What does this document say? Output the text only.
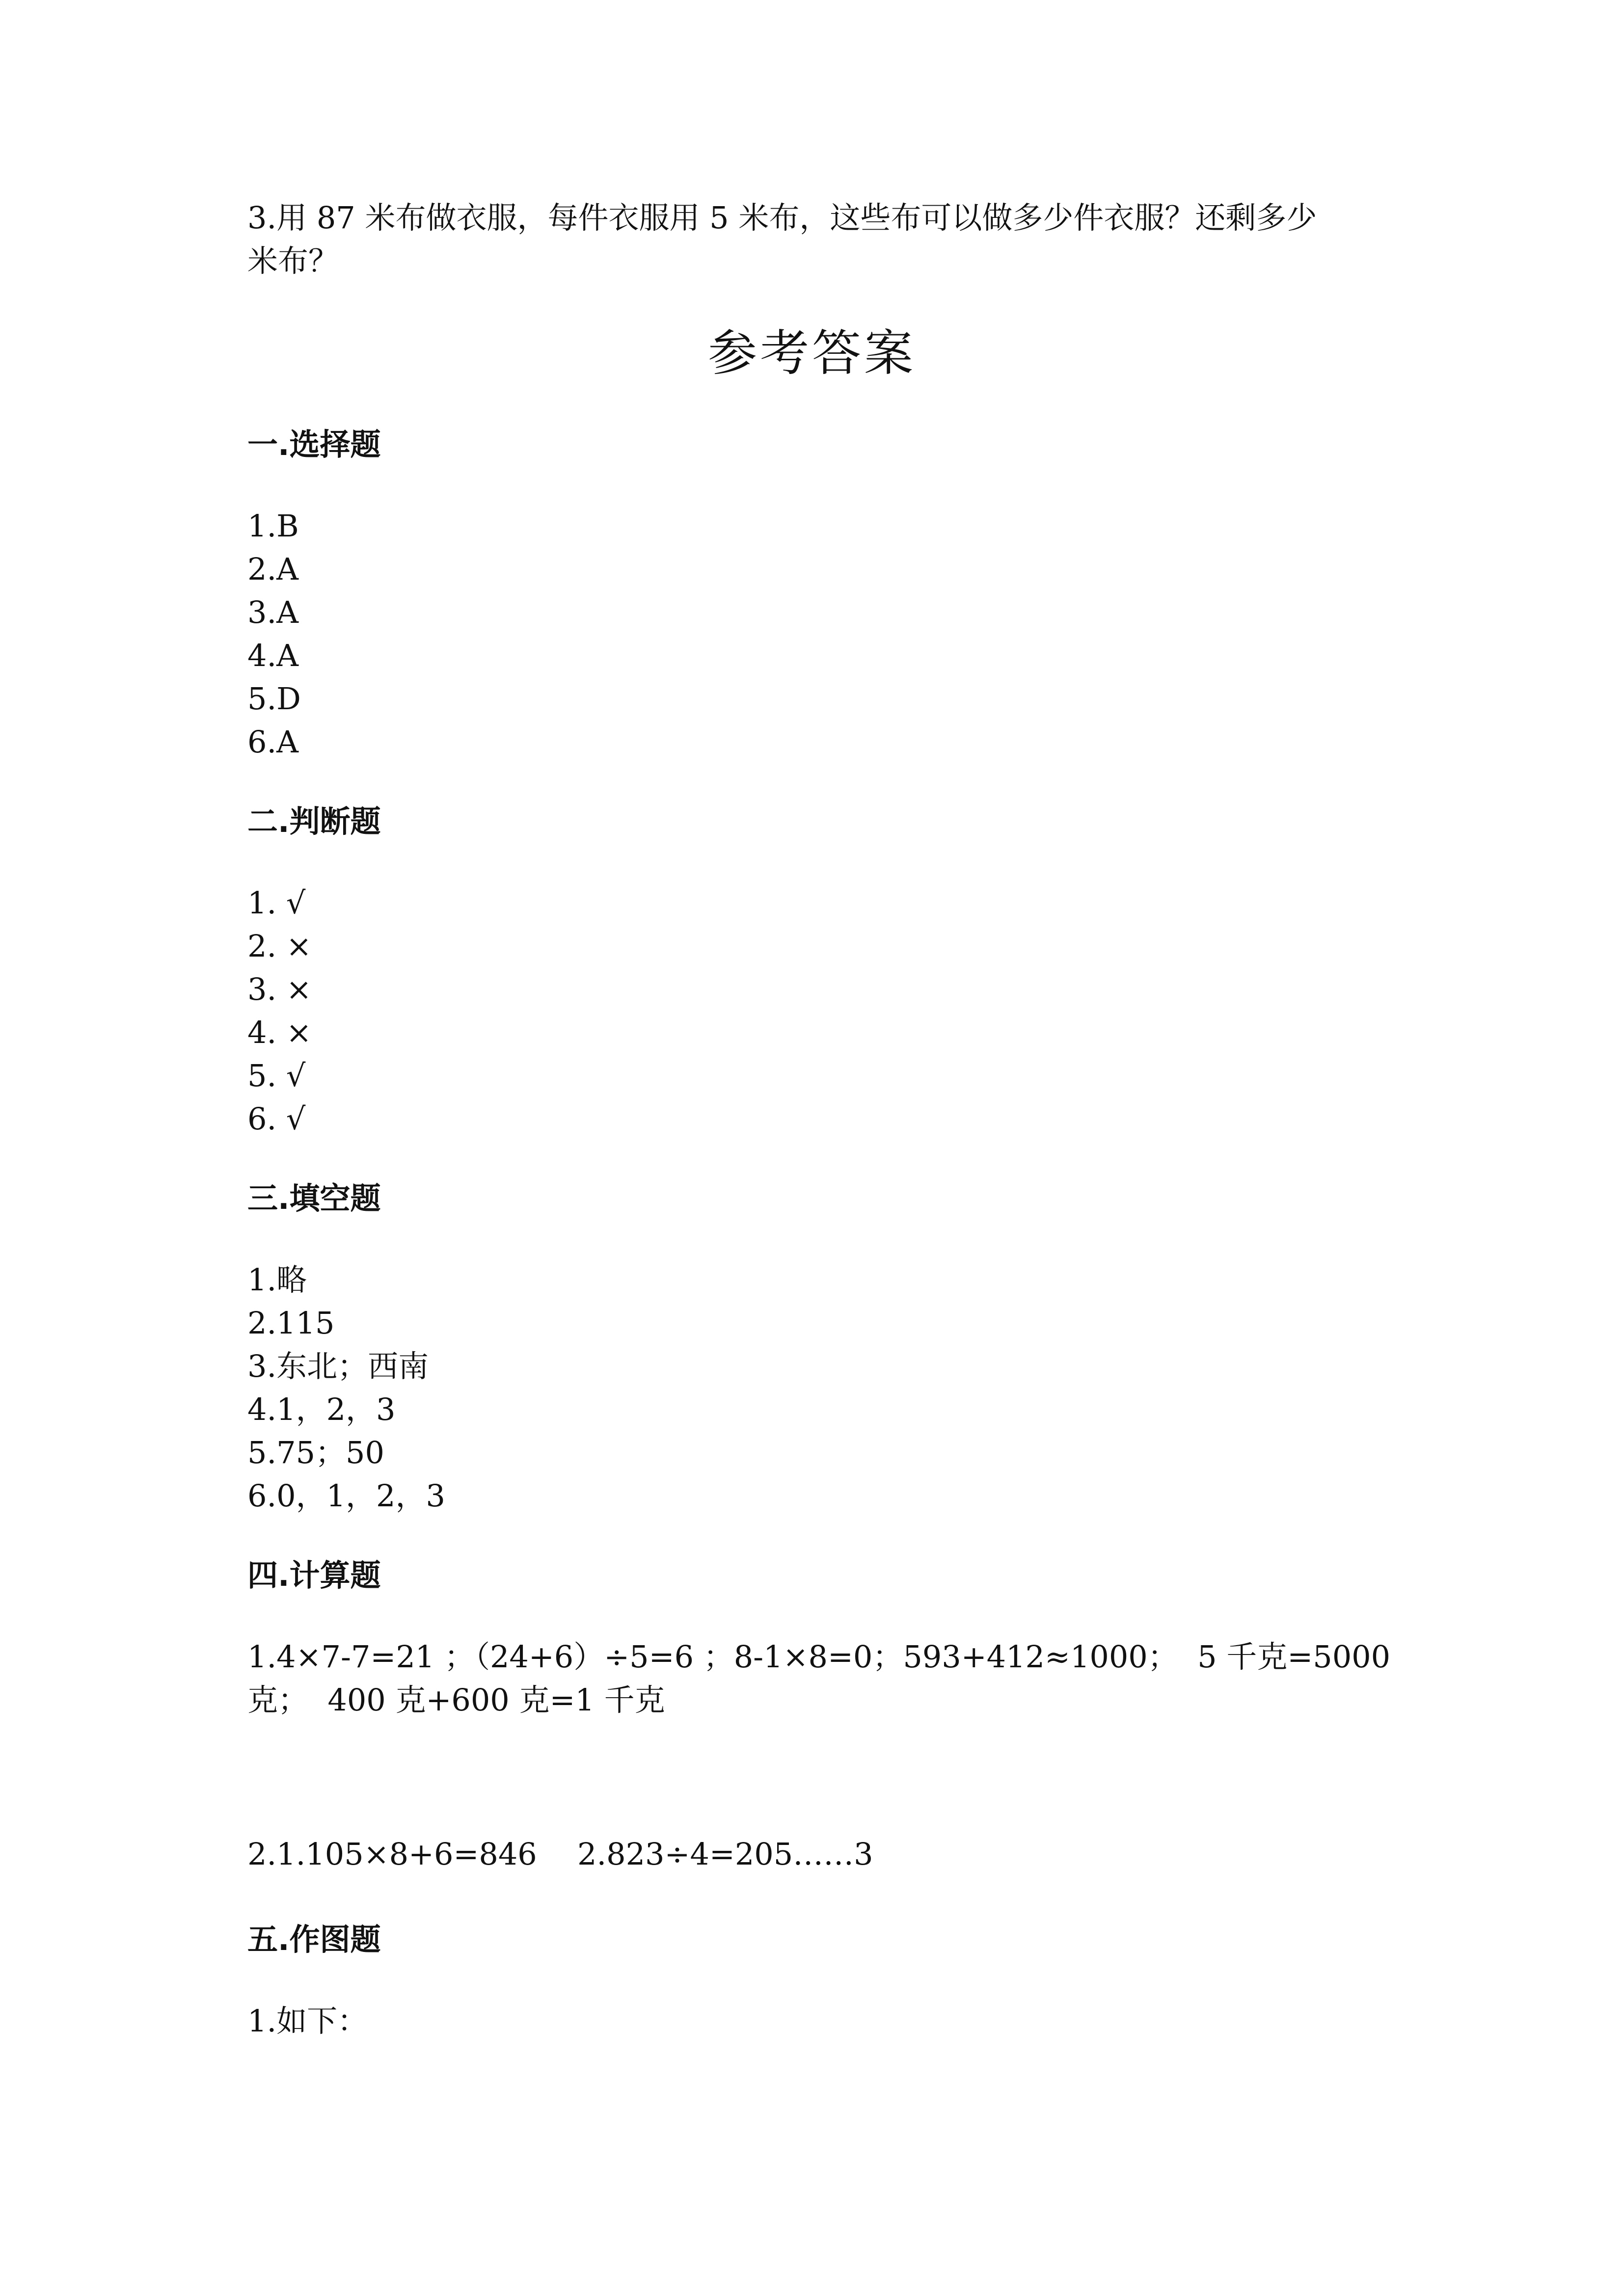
3.用 87 米布做衣服，每件衣服用 5 米布，这些布可以做多少件衣服？还剩多少
米布？
参考答案
一.选择题
1.B
2.A
3.A
4.A
5.D
6.A
二.判断题
1. √
2. ×
3. ×
4. ×
5. √
6. √
三.填空题
1.略
2.115
3.东北；西南
4.1，2，3
5.75；50
6.0，1，2，3
四.计算题
1.4×7-7=21 ；（24+6）÷5=6 ；8-1×8=0；593+412≈1000；  5 千克=5000
克；  400 克+600 克=1 千克
2.1.105×8+6=846 2.823÷4=205……3
五.作图题
1.如下：
